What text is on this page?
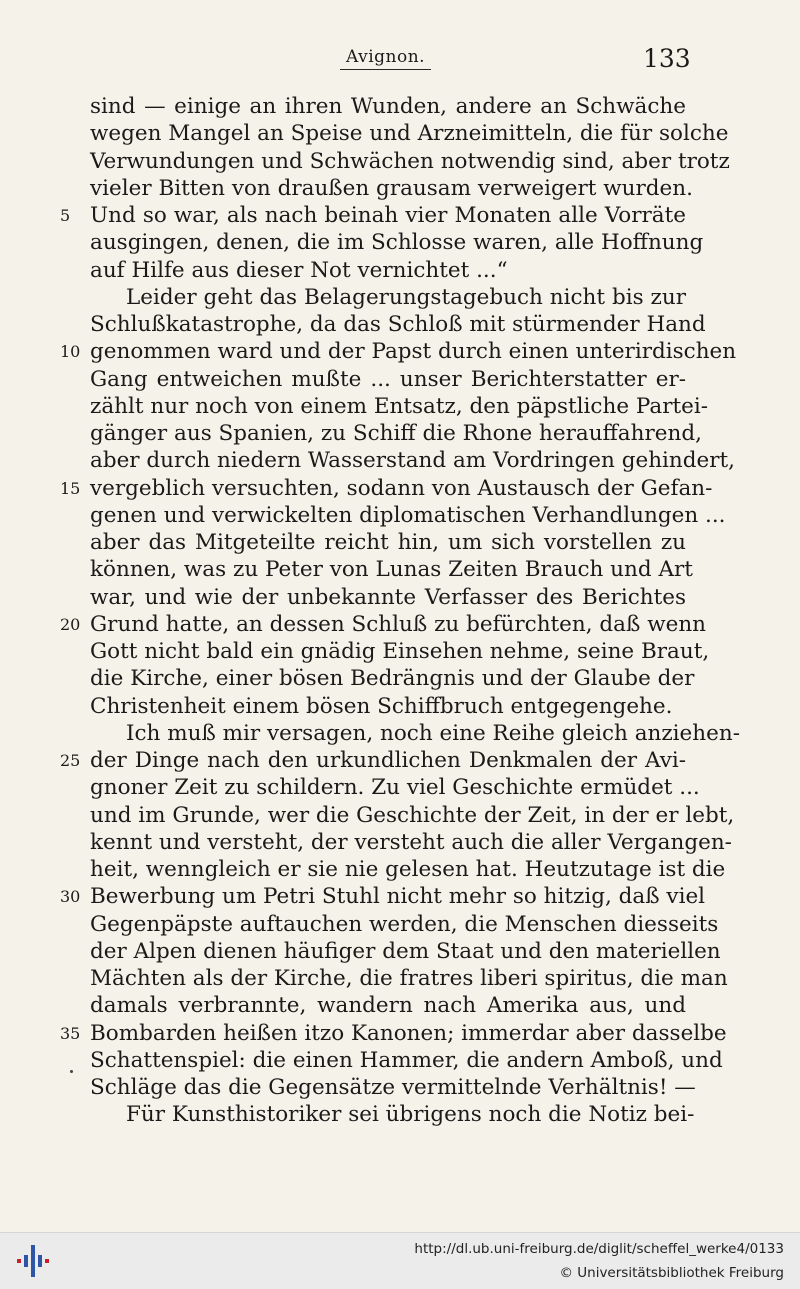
Avignon.	133
sind — einige an ihren Wunden, andere an Schwäche
wegen Mangel an Speise und Arzneimitteln, die für solche
Verwundungen und Schwächen notwendig sind, aber trotz
vieler Bitten von draußen grausam verweigert wurden.
5 Und so war, als nach beinah vier Monaten alle Vorräte
ausgingen, denen, die im Schlosse waren, alle Hoffnung
auf Hilfe aus dieser Not vernichtet ...“
Leider geht das Belagerungstagebuch nicht bis zur
Schlußkatastrophe, da das Schloß mit stürmender Hand
10 genommen ward und der Papst durch einen unterirdischen
Gang entweichen mußte ... unser Berichterstatter er-
zählt nur noch von einem Entsatz, den päpstliche Partei-
gänger aus Spanien, zu Schiff die Rhone herauffahrend,
aber durch niedern Wasserstand am Vordringen gehindert,
15 vergeblich versuchten, sodann von Austausch der Gefan-
genen und verwickelten diplomatischen Verhandlungen ...
aber das Mitgeteilte reicht hin, um sich vorstellen zu
können, was zu Peter von Lunas Zeiten Brauch und Art
war, und wie der unbekannte Verfasser des Berichtes
20 Grund hatte, an dessen Schluß zu befürchten, daß wenn
Gott nicht bald ein gnädig Einsehen nehme, seine Braut,
die Kirche, einer bösen Bedrängnis und der Glaube der
Christenheit einem bösen Schiffbruch entgegengehe.
Ich muß mir versagen, noch eine Reihe gleich anziehen-
25 der Dinge nach den urkundlichen Denkmalen der Avi-
gnoner Zeit zu schildern. Zu viel Geschichte ermüdet ...
und im Grunde, wer die Geschichte der Zeit, in der er lebt,
kennt und versteht, der versteht auch die aller Vergangen-
heit, wenngleich er sie nie gelesen hat. Heutzutage ist die
30 Bewerbung um Petri Stuhl nicht mehr so hitzig, daß viel
Gegenpäpste auftauchen werden, die Menschen diesseits
der Alpen dienen häufiger dem Staat und den materiellen
Mächten als der Kirche, die fratres liberi spiritus, die man
damals verbrannte, wandern nach Amerika aus, und
35 Bombarden heißen itzo Kanonen; immerdar aber dasselbe
Schattenspiel: die einen Hammer, die andern Amboß, und
Schläge das die Gegensätze vermittelnde Verhältnis! —
Für Kunsthistoriker sei übrigens noch die Notiz bei-
http://dl.ub.uni-freiburg.de/diglit/scheffel_werke4/0133
© Universitätsbibliothek Freiburg
